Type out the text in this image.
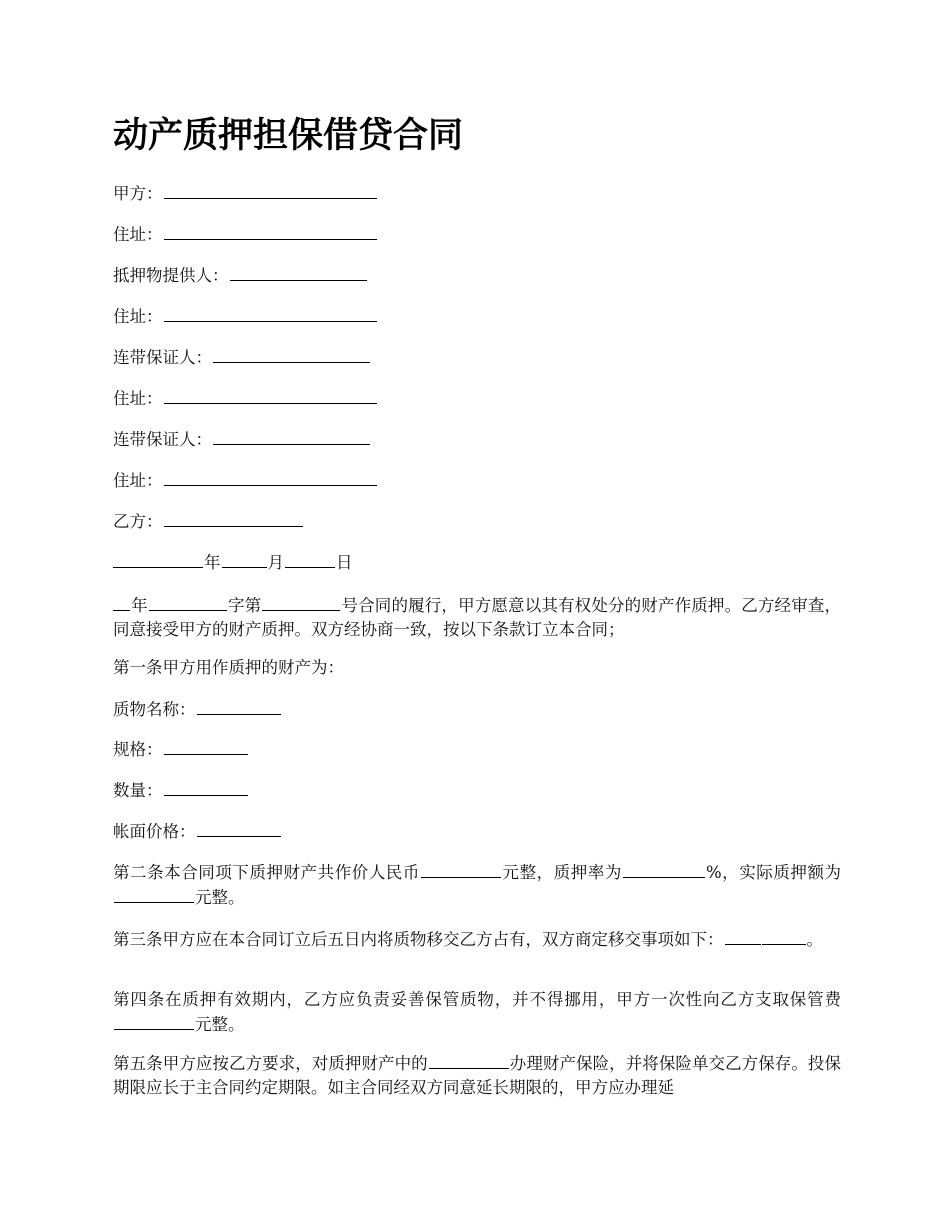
动产质押担保借贷合同

甲方：

住址：

抵押物提供人：

住址：

连带保证人：

住址：

连带保证人：

住址：

乙方：

年	月	日

年	字第	号合同的履行，甲方愿意以其有权处分的财产作质押。乙方经审查，同意接受甲方的财产质押。双方经协商一致，按以下条款订立本合同；

第一条甲方用作质押的财产为：

质物名称：

规格：

数量：

帐面价格：

第二条本合同项下质押财产共作价人民币	元整，质押率为	%，实际质押额为元整。

第三条甲方应在本合同订立后五日内将质物移交乙方占有，双方商定移交事项如下：	。

第四条在质押有效期内，乙方应负责妥善保管质物，并不得挪用，甲方一次性向乙方支取保管费元整。

第五条甲方应按乙方要求，对质押财产中的	办理财产保险，并将保险单交乙方保存。投保期限应长于主合同约定期限。如主合同经双方同意延长期限的，甲方应办理延
